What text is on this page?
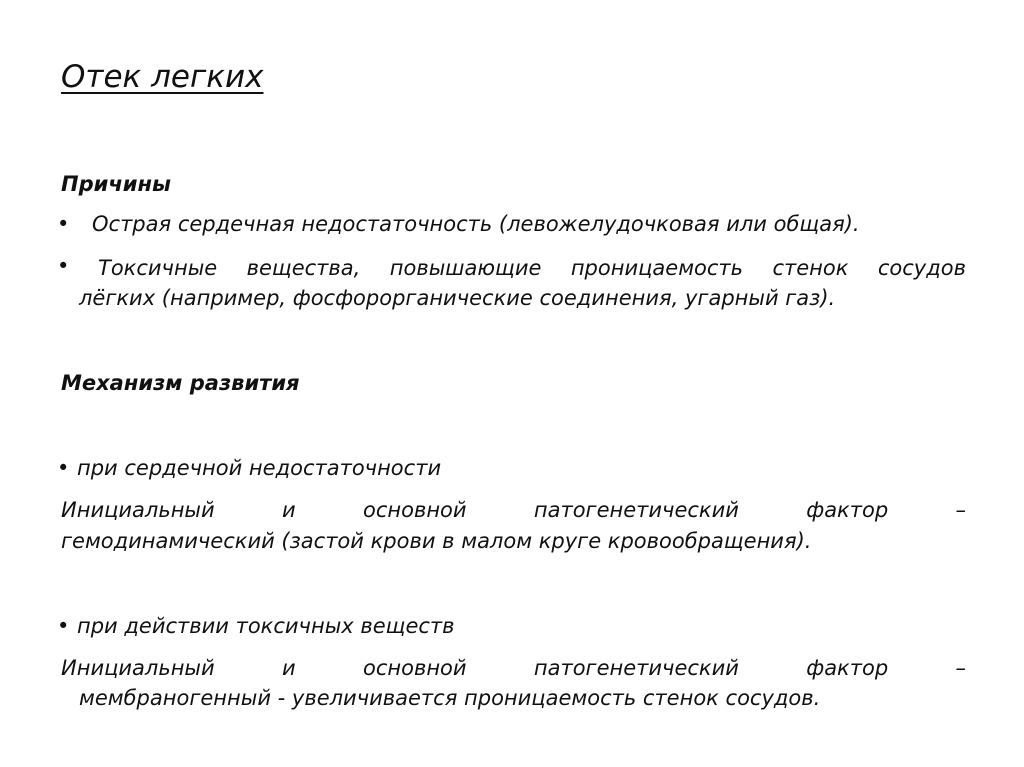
Отек легких
Причины
• Острая сердечная недостаточность (левожелудочковая или общая).
•	Токсичные вещества, повышающие проницаемость стенок сосудов
лёгких (например, фосфорорганические соединения, угарный газ).
Механизм развития
• при сердечной недостаточности
Инициальный	и	основной	патогенетический	фактор	–
гемодинамический (застой крови в малом круге кровообращения).
• при действии токсичных веществ
Инициальный	и	основной	патогенетический	фактор	–
мембраногенный - увеличивается проницаемость стенок сосудов.
